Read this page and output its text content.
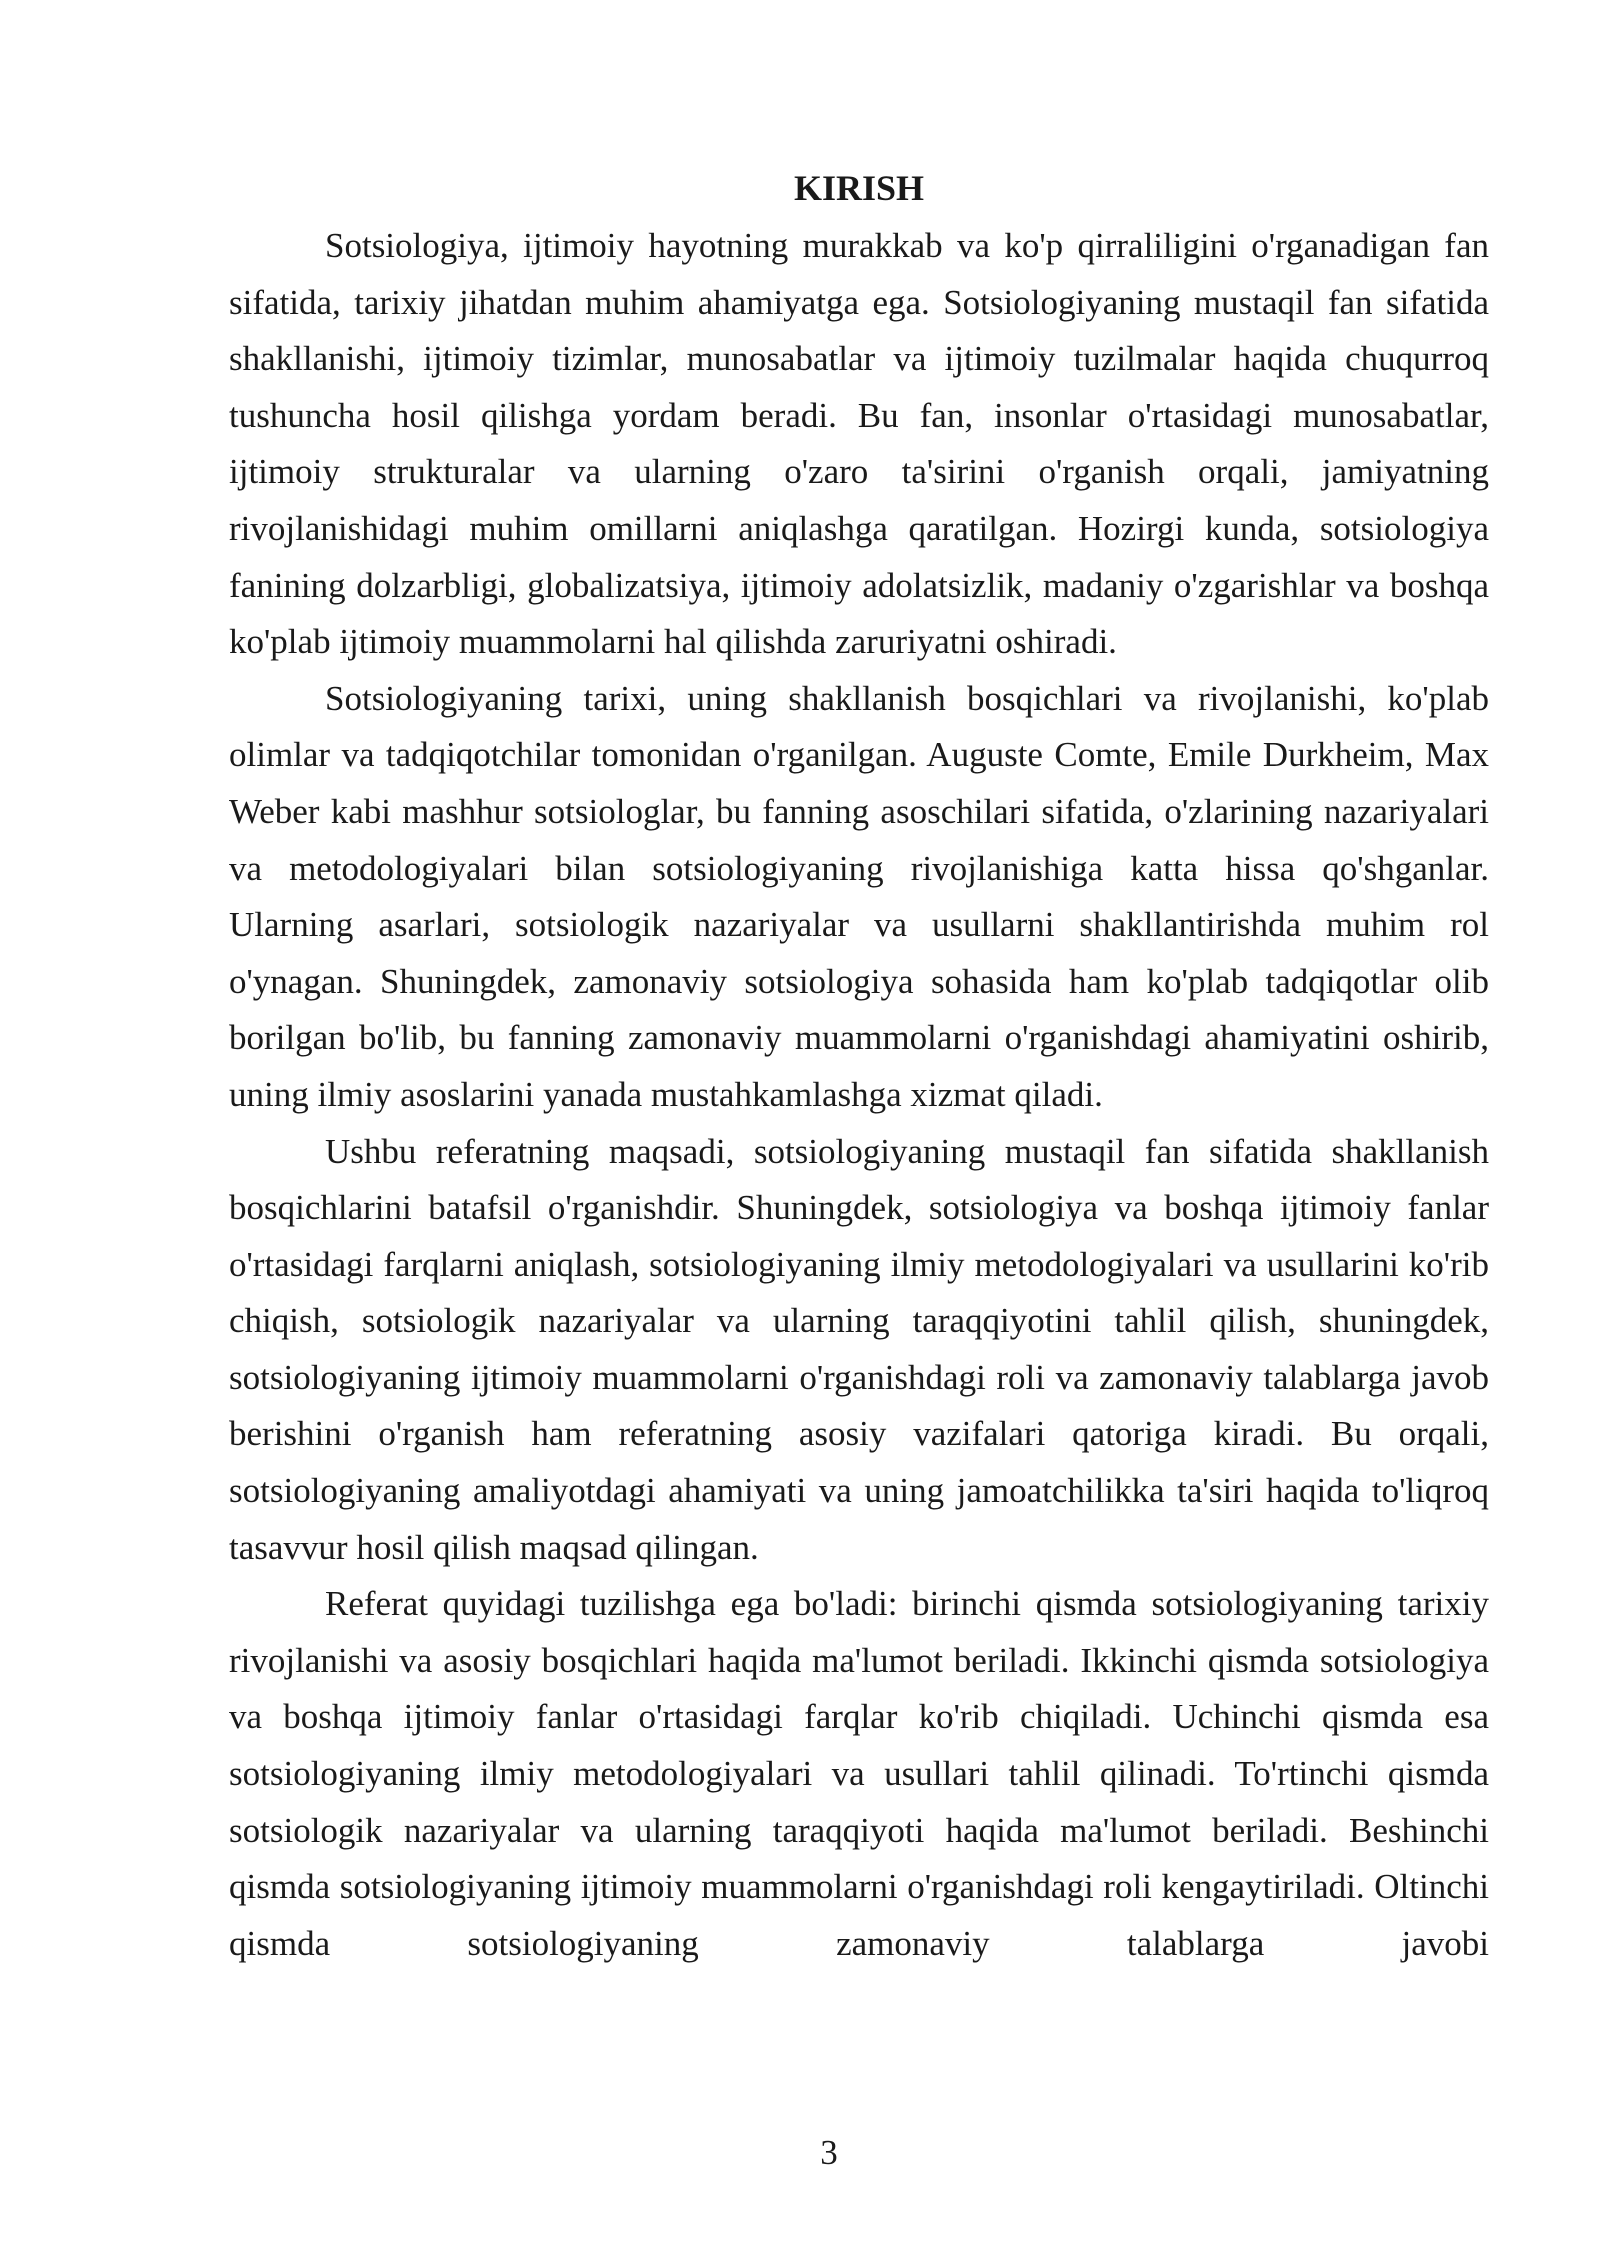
KIRISH

Sotsiologiya, ijtimoiy hayotning murakkab va ko'p qirraliligini o'rganadigan fan sifatida, tarixiy jihatdan muhim ahamiyatga ega. Sotsiologiyaning mustaqil fan sifatida shakllanishi, ijtimoiy tizimlar, munosabatlar va ijtimoiy tuzilmalar haqida chuqurroq tushuncha hosil qilishga yordam beradi. Bu fan, insonlar o'rtasidagi munosabatlar, ijtimoiy strukturalar va ularning o'zaro ta'sirini o'rganish orqali, jamiyatning rivojlanishidagi muhim omillarni aniqlashga qaratilgan. Hozirgi kunda, sotsiologiya fanining dolzarbligi, globalizatsiya, ijtimoiy adolatsizlik, madaniy o'zgarishlar va boshqa ko'plab ijtimoiy muammolarni hal qilishda zaruriyatni oshiradi.

Sotsiologiyaning tarixi, uning shakllanish bosqichlari va rivojlanishi, ko'plab olimlar va tadqiqotchilar tomonidan o'rganilgan. Auguste Comte, Emile Durkheim, Max Weber kabi mashhur sotsiologlar, bu fanning asoschilari sifatida, o'zlarining nazariyalari va metodologiyalari bilan sotsiologiyaning rivojlanishiga katta hissa qo'shganlar. Ularning asarlari, sotsiologik nazariyalar va usullarni shakllantirishda muhim rol o'ynagan. Shuningdek, zamonaviy sotsiologiya sohasida ham ko'plab tadqiqotlar olib borilgan bo'lib, bu fanning zamonaviy muammolarni o'rganishdagi ahamiyatini oshirib, uning ilmiy asoslarini yanada mustahkamlashga xizmat qiladi.

Ushbu referatning maqsadi, sotsiologiyaning mustaqil fan sifatida shakllanish bosqichlarini batafsil o'rganishdir. Shuningdek, sotsiologiya va boshqa ijtimoiy fanlar o'rtasidagi farqlarni aniqlash, sotsiologiyaning ilmiy metodologiyalari va usullarini ko'rib chiqish, sotsiologik nazariyalar va ularning taraqqiyotini tahlil qilish, shuningdek, sotsiologiyaning ijtimoiy muammolarni o'rganishdagi roli va zamonaviy talablarga javob berishini o'rganish ham referatning asosiy vazifalari qatoriga kiradi. Bu orqali, sotsiologiyaning amaliyotdagi ahamiyati va uning jamoatchilikka ta'siri haqida to'liqroq tasavvur hosil qilish maqsad qilingan.

Referat quyidagi tuzilishga ega bo'ladi: birinchi qismda sotsiologiyaning tarixiy rivojlanishi va asosiy bosqichlari haqida ma'lumot beriladi. Ikkinchi qismda sotsiologiya va boshqa ijtimoiy fanlar o'rtasidagi farqlar ko'rib chiqiladi. Uchinchi qismda esa sotsiologiyaning ilmiy metodologiyalari va usullari tahlil qilinadi. To'rtinchi qismda sotsiologik nazariyalar va ularning taraqqiyoti haqida ma'lumot beriladi. Beshinchi qismda sotsiologiyaning ijtimoiy muammolarni o'rganishdagi roli kengaytiriladi. Oltinchi qismda sotsiologiyaning zamonaviy talablarga javobi

3
